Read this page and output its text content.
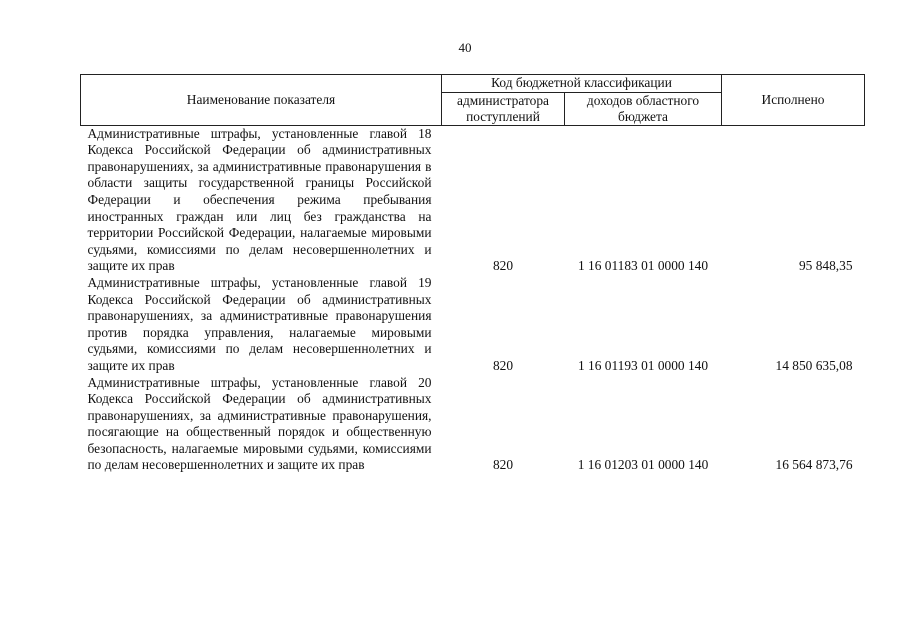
40
Наименование показателя	Код бюджетной классификации		Исполнено
	администратора поступлений	доходов областного бюджета	
Административные штрафы, установленные главой 18 Кодекса Российской Федерации об административных правонарушениях, за административные правонарушения в области защиты государственной границы Российской Федерации и обеспечения режима пребывания иностранных граждан или лиц без гражданства на территории Российской Федерации, налагаемые мировыми судьями, комиссиями по делам несовершеннолетних и защите их прав	820	1 16 01183 01 0000 140	95 848,35
Административные штрафы, установленные главой 19 Кодекса Российской Федерации об административных правонарушениях, за административные правонарушения против порядка управления, налагаемые мировыми судьями, комиссиями по делам несовершеннолетних и защите их прав	820	1 16 01193 01 0000 140	14 850 635,08
Административные штрафы, установленные главой 20 Кодекса Российской Федерации об административных правонарушениях, за административные правонарушения, посягающие на общественный порядок и общественную безопасность, налагаемые мировыми судьями, комиссиями по делам несовершеннолетних и защите их прав	820	1 16 01203 01 0000 140	16 564 873,76
